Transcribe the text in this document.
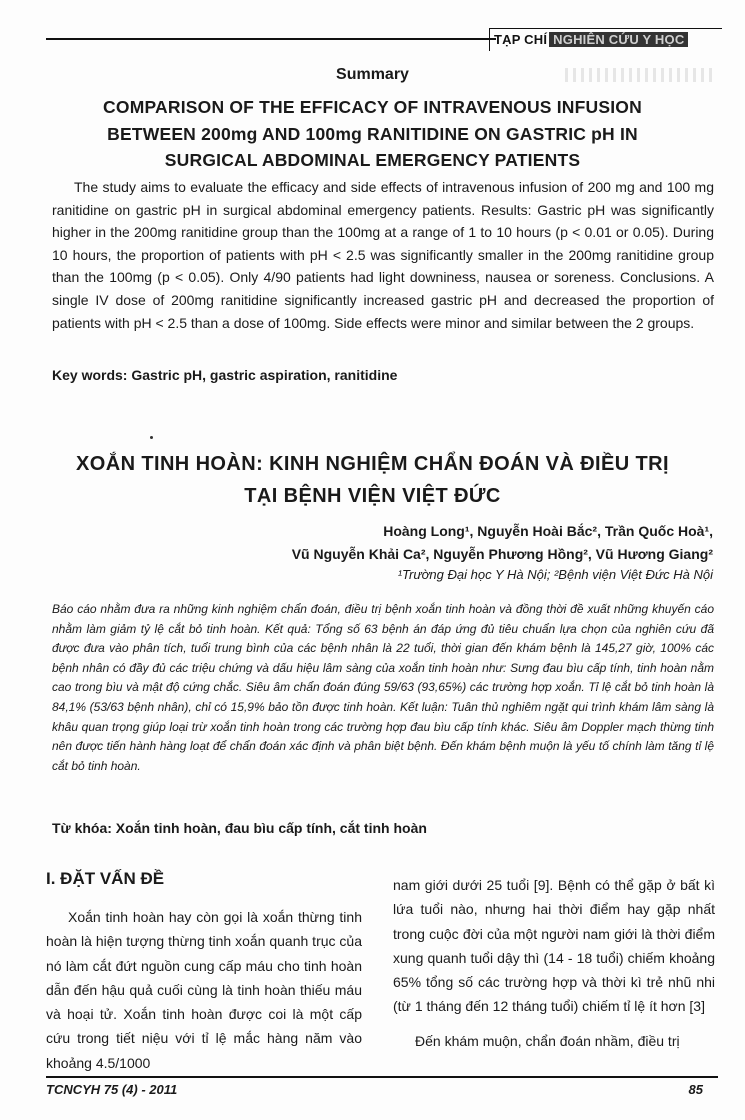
TẠP CHÍ NGHIÊN CỨU Y HỌC
Summary
COMPARISON OF THE EFFICACY OF INTRAVENOUS INFUSION BETWEEN 200mg AND 100mg RANITIDINE ON GASTRIC pH IN SURGICAL ABDOMINAL EMERGENCY PATIENTS

The study aims to evaluate the efficacy and side effects of intravenous infusion of 200 mg and 100 mg ranitidine on gastric pH in surgical abdominal emergency patients. Results: Gastric pH was significantly higher in the 200mg ranitidine group than the 100mg at a range of 1 to 10 hours (p < 0.01 or 0.05). During 10 hours, the proportion of patients with pH < 2.5 was significantly smaller in the 200mg ranitidine group than the 100mg (p < 0.05). Only 4/90 patients had light downiness, nausea or soreness. Conclusions. A single IV dose of 200mg ranitidine significantly increased gastric pH and decreased the proportion of patients with pH < 2.5 than a dose of 100mg. Side effects were minor and similar between the 2 groups.

Key words: Gastric pH, gastric aspiration, ranitidine
XOẮN TINH HOÀN: KINH NGHIỆM CHẨN ĐOÁN VÀ ĐIỀU TRỊ
TẠI BỆNH VIỆN VIỆT ĐỨC
Hoàng Long¹, Nguyễn Hoài Bắc², Trần Quốc Hoà¹,
Vũ Nguyễn Khải Ca², Nguyễn Phương Hồng², Vũ Hương Giang²
¹Trường Đại học Y Hà Nội; ²Bệnh viện Việt Đức Hà Nội

Báo cáo nhằm đưa ra những kinh nghiệm chẩn đoán, điều trị bệnh xoắn tinh hoàn và đồng thời đề xuất những khuyến cáo nhằm làm giảm tỷ lệ cắt bỏ tinh hoàn. Kết quả: Tổng số 63 bệnh án đáp ứng đủ tiêu chuẩn lựa chọn của nghiên cứu đã được đưa vào phân tích, tuổi trung bình của các bệnh nhân là 22 tuổi, thời gian đến khám bệnh là 145,27 giờ, 100% các bệnh nhân có đầy đủ các triệu chứng và dấu hiệu lâm sàng của xoắn tinh hoàn như: Sưng đau bìu cấp tính, tinh hoàn nằm cao trong bìu và mật độ cứng chắc. Siêu âm chẩn đoán đúng 59/63 (93,65%) các trường hợp xoắn. Tỉ lệ cắt bỏ tinh hoàn là 84,1% (53/63 bệnh nhân), chỉ có 15,9% bảo tồn được tinh hoàn. Kết luận: Tuân thủ nghiêm ngặt qui trình khám lâm sàng là khâu quan trọng giúp loại trừ xoắn tinh hoàn trong các trường hợp đau bìu cấp tính khác. Siêu âm Doppler mạch thừng tinh nên được tiến hành hàng loạt để chẩn đoán xác định và phân biệt bệnh. Đến khám bệnh muộn là yếu tố chính làm tăng tỉ lệ cắt bỏ tinh hoàn.

Từ khóa: Xoắn tinh hoàn, đau bìu cấp tính, cắt tinh hoàn
I. ĐẶT VẤN ĐỀ

Xoắn tinh hoàn hay còn gọi là xoắn thừng tinh hoàn là hiện tượng thừng tinh xoắn quanh trục của nó làm cắt đứt nguồn cung cấp máu cho tinh hoàn dẫn đến hậu quả cuối cùng là tinh hoàn thiếu máu và hoại tử. Xoắn tinh hoàn được coi là một cấp cứu trong tiết niệu với tỉ lệ mắc hàng năm vào khoảng 4.5/1000

nam giới dưới 25 tuổi [9]. Bệnh có thể gặp ở bất kì lứa tuổi nào, nhưng hai thời điểm hay gặp nhất trong cuộc đời của một người nam giới là thời điểm xung quanh tuổi dậy thì (14 - 18 tuổi) chiếm khoảng 65% tổng số các trường hợp và thời kì trẻ nhũ nhi (từ 1 tháng đến 12 tháng tuổi) chiếm tỉ lệ ít hơn [3]

Đến khám muộn, chẩn đoán nhầm, điều trị

TCNCYH 75 (4) - 2011	85
